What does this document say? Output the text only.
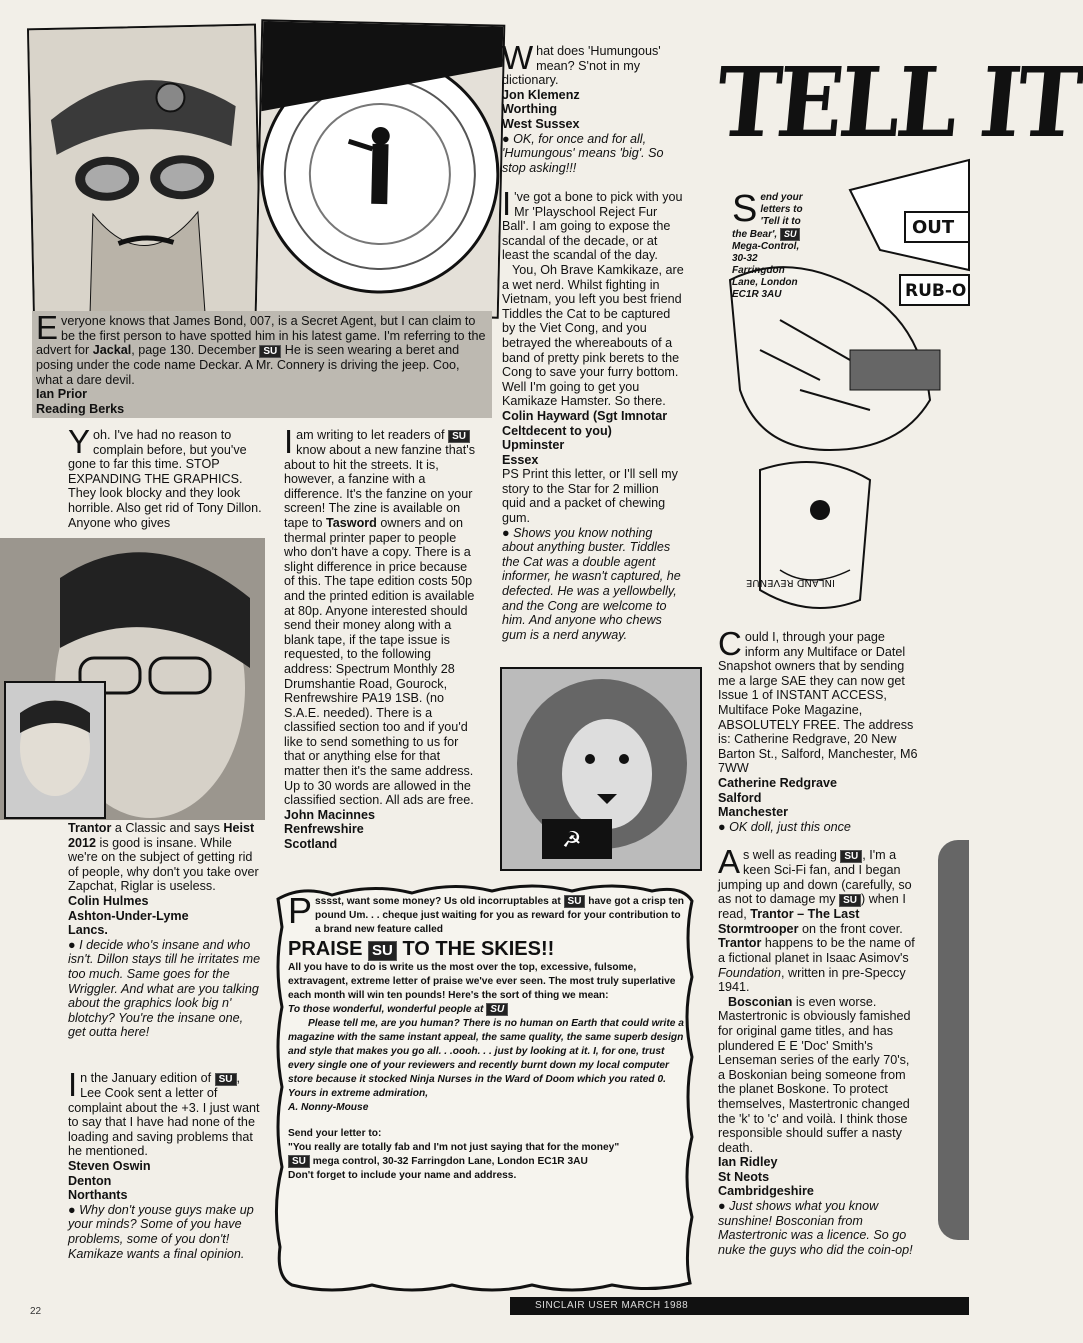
Everyone knows that James Bond, 007, is a Secret Agent, but I can claim to be the first person to have spotted him in his latest game. I'm referring to the advert for Jackal, page 130. December SU He is seen wearing a beret and posing under the code name Deckar. A Mr. Connery is driving the jeep. Coo, what a dare devil.

Ian Prior

Reading Berks

What does 'Humungous' mean? S'not in my dictionary.

Jon Klemenz

Worthing

West Sussex

● OK, for once and for all, 'Humungous' means 'big'. So stop asking!!!

I 've got a bone to pick with you Mr 'Playschool Reject Fur Ball'. I am going to expose the scandal of the decade, or at least the scandal of the day.

You, Oh Brave Kamkikaze, are a wet nerd. Whilst fighting in Vietnam, you left you best friend Tiddles the Cat to be captured by the Viet Cong, and you betrayed the whereabouts of a band of pretty pink berets to the Cong to save your furry bottom. Well I'm going to get you Kamikaze Hamster. So there.

Colin Hayward (Sgt Imnotar Celtdecent to you)

Upminster

Essex

PS Print this letter, or I'll sell my story to the Star for 2 million quid and a packet of chewing gum.

● Shows you know nothing about anything buster. Tiddles the Cat was a double agent informer, he wasn't captured, he defected. He was a yellowbelly, and the Cong are welcome to him. And anyone who chews gum is a nerd anyway.

☭
Yoh. I've had no reason to complain before, but you've gone to far this time. STOP EXPANDING THE GRAPHICS. They look blocky and they look horrible. Also get rid of Tony Dillon. Anyone who gives
Trantor a Classic and says Heist 2012 is good is insane. While we're on the subject of getting rid of people, why don't you take over Zapchat, Riglar is useless.

Colin Hulmes

Ashton-Under-Lyme

Lancs.

● I decide who's insane and who isn't. Dillon stays till he irritates me too much. Same goes for the Wriggler. And what are you talking about the graphics look big n' blotchy? You're the insane one, get outta here!

In the January edition of SU , Lee Cook sent a letter of complaint about the +3. I just want to say that I have had none of the loading and saving problems that he mentioned.

Steven Oswin

Denton

Northants

● Why don't youse guys make up your minds? Some of you have problems, some of you don't! Kamikaze wants a final opinion.

Iam writing to let readers of SU know about a new fanzine that's about to hit the streets. It is, however, a fanzine with a difference. It's the fanzine on your screen! The zine is available on tape to Tasword owners and on thermal printer paper to people who don't have a copy. There is a slight difference in price because of this. The tape edition costs 50p and the printed edition is available at 80p. Anyone interested should send their money along with a blank tape, if the tape issue is requested, to the following address: Spectrum Monthly 28 Drumshantie Road, Gourock, Renfrewshire PA19 1SB. (no S.A.E. needed). There is a classified section too and if you'd like to send something to us for that or anything else for that matter then it's the same address. Up to 30 words are allowed in the classified section. All ads are free.

John Macinnes

Renfrewshire

Scotland

Psssst, want some money? Us old incorruptables at SU have got a crisp ten pound Um. . . cheque just waiting for you as reward for your contribution to a brand new feature called
PRAISE SU TO THE SKIES!!

All you have to do is write us the most over the top, excessive, fulsome, extravagent, extreme letter of praise we've ever seen. The most truly superlative each month will win ten pounds! Here's the sort of thing we mean:

To those wonderful, wonderful people at SU

Please tell me, are you human? There is no human on Earth that could write a magazine with the same instant appeal, the same quality, the same superb design and style that makes you go all. . .oooh. . . just by looking at it. I, for one, trust every single one of your reviewers and recently burnt down my local computer store because it stocked Ninja Nurses in the Ward of Doom which you rated 0.

Yours in extreme admiration,

A. Nonny-Mouse

Send your letter to:

"You really are totally fab and I'm not just saying that for the money"

SU mega control, 30-32 Farringdon Lane, London EC1R 3AU

Don't forget to include your name and address.

TELL IT
OUT
RUB-O
INLAND REVENUE
S end your
letters to
'Tell it to
the Bear', SU
Mega-Control,
30-32
Farringdon
Lane, London
EC1R 3AU
Could I, through your page inform any Multiface or Datel Snapshot owners that by sending me a large SAE they can now get Issue 1 of INSTANT ACCESS, Multiface Poke Magazine, ABSOLUTELY FREE. The address is: Catherine Redgrave, 20 New Barton St., Salford, Manchester, M6 7WW

Catherine Redgrave

Salford

Manchester

● OK doll, just this once

As well as reading SU , I'm a keen Sci-Fi fan, and I began jumping up and down (carefully, so as not to damage my SU ) when I read, Trantor – The Last Stormtrooper on the front cover. Trantor happens to be the name of a fictional planet in Isaac Asimov's Foundation, written in pre-Speccy 1941.

Bosconian is even worse. Mastertronic is obviously famished for original game titles, and has plundered E E 'Doc' Smith's Lenseman series of the early 70's, a Boskonian being someone from the planet Boskone. To protect themselves, Mastertronic changed the 'k' to 'c' and voilà. I think those responsible should suffer a nasty death.

Ian Ridley

St Neots

Cambridgeshire

● Just shows what you know sunshine! Bosconian from Mastertronic was a licence. So go nuke the guys who did the coin-op!

22
SINCLAIR USER MARCH 1988
